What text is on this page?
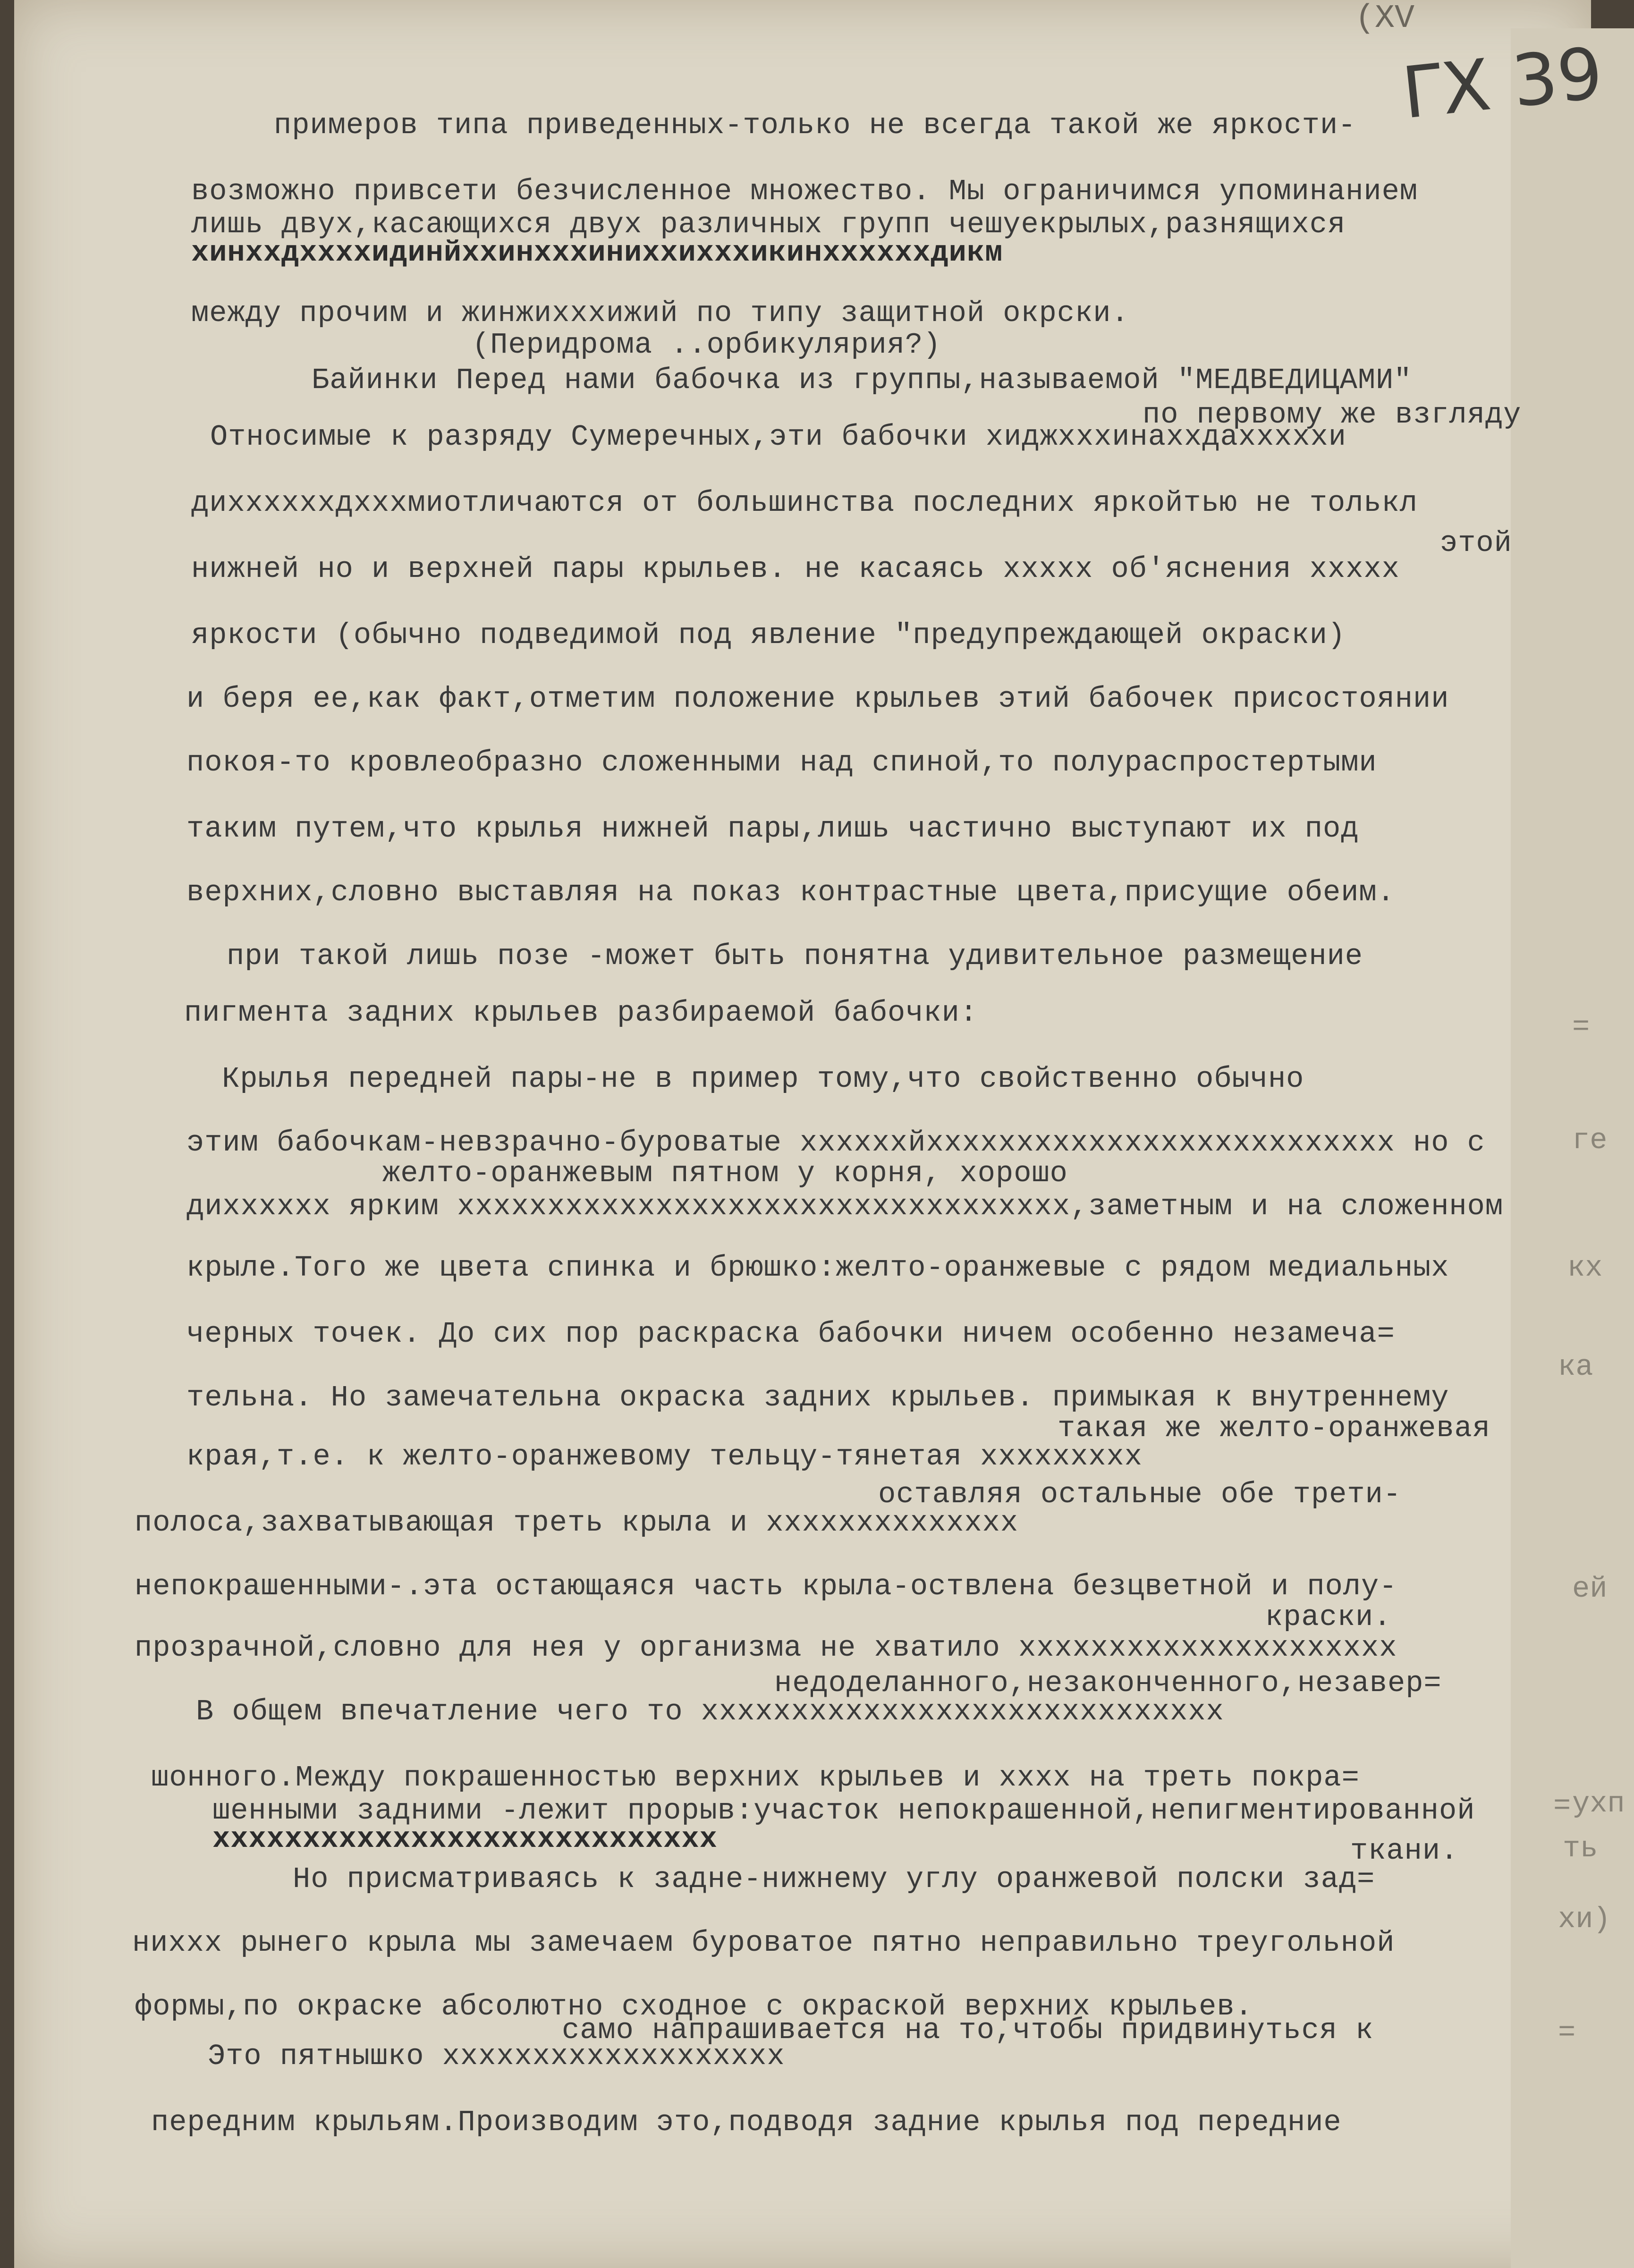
(XV
ΓX 39
=
ге
кх
ка
ей
= ухп
ть
хи)
=
примеров типа приведенных-только не всегда такой же яркости-
возможно привсети безчисленное множество. Мы ограничимся упоминанием
лишь двух,касающихся двух различных групп чешуекрылых,разнящихся
хинххдххххидинйххинхххиниххихххикинххххххдикм
между прочим и жинжихххижий по типу защитной окрски.
(Перидрома ..орбикулярия?)
Байинки Перед нами бабочка из группы,называемой "МЕДВЕДИЦАМИ"
по первому же взгляду
Относимые к разряду Сумеречных,эти бабочки хиджхххинаххдахххххи
диххххххдхххмиотличаются от большинства последних яркойтью не толькл
этой
нижней но и верхней пары крыльев. не касаясь ххххх об'яснения ххххх
яркости (обычно подведимой под явление "предупреждающей окраски)
и беря ее,как факт,отметим положение крыльев этий бабочек присостоянии
покоя-то кровлеобразно сложенными над спиной,то полураспростертыми
таким путем,что крылья нижней пары,лишь частично выступают их под
верхних,словно выставляя на показ контрастные цвета,присущие обеим.
при такой лишь позе -может быть понятна удивительное размещение
пигмента задних крыльев разбираемой бабочки:
Крылья передней пары-не в пример тому,что свойственно обычно
этим бабочкам-невзрачно-буроватые ххххххйхххххххххххххххххххххххххх но с
желто-оранжевым пятном у корня, хорошо
дихххххх ярким хххххххххххххххххххххххххххххххххх,заметным и на сложенном
крыле.Того же цвета спинка и брюшко:желто-оранжевые с рядом медиальных
черных точек. До сих пор раскраска бабочки ничем особенно незамеча=
тельна. Но замечательна окраска задних крыльев. примыкая к внутреннему
такая же желто-оранжевая
края,т.е. к желто-оранжевому тельцу-тянетая ххххххххх
оставляя остальные обе трети-
полоса,захватывающая треть крыла и хххххххххххххх
непокрашенными-.эта остающаяся часть крыла-оствлена безцветной и полу-
краски.
прозрачной,словно для нея у организма не хватило ххххххххххххххххххххх
недоделанного,незаконченного,незавер=
В общем впечатление чего то ххххххххххххххххххххххххххххх
шонного.Между покрашенностью верхних крыльев и хххх на треть покра=
шенными задними -лежит прорыв:участок непокрашенной,непигментированной
хххххххххххххххххххххххххххх	ткани.
Но присматриваясь к задне-нижнему углу оранжевой полски зад=
ниххх рынего крыла мы замечаем буроватое пятно неправильно треугольной
формы,по окраске абсолютно сходное с окраской верхних крыльев.
само напрашивается на то,чтобы придвинуться к
Это пятнышко ххххххххххххххххххх
передним крыльям.Производим это,подводя задние крылья под передние
